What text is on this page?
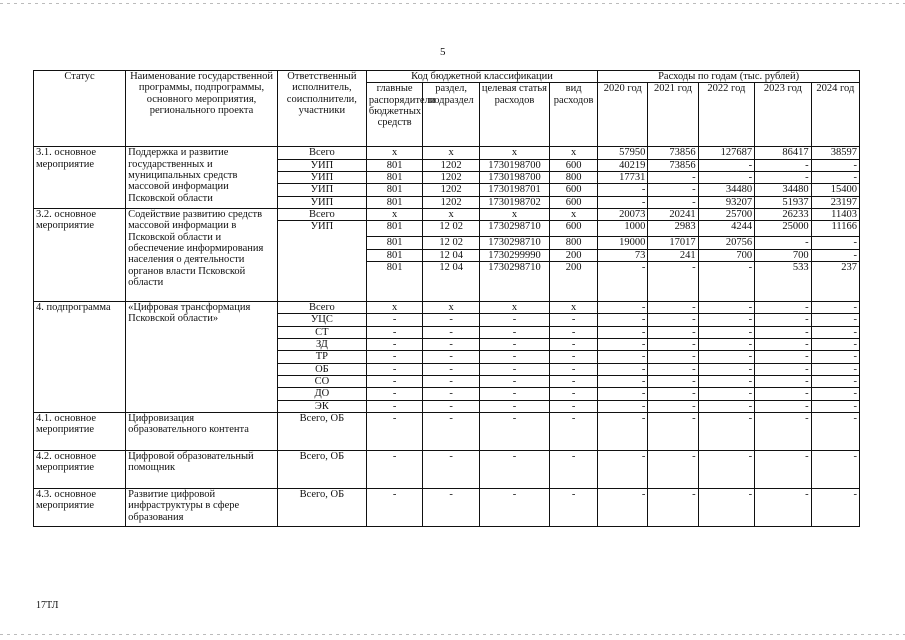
5
Статус	Наименование государственной программы, подпрограммы, основного мероприятия, регионального проекта	Ответственный исполнитель, соисполнители, участники	Код бюджетной классификации				Расходы по годам (тыс. рублей)				
			главные распорядители бюджетных средств	раздел, подраздел	целевая статья расходов	вид расходов	2020 год	2021 год	2022 год	2023 год	2024 год
3.1. основное мероприятие	Поддержка и развитие государственных и муниципальных средств массовой информации Псковской области	Всего	х	х	х	х	57950	73856	127687	86417	38597
		УИП	801	1202	1730198700	600	40219	73856	-	-	-
		УИП	801	1202	1730198700	800	17731	-	-	-	-
		УИП	801	1202	1730198701	600	-	-	34480	34480	15400
		УИП	801	1202	1730198702	600	-	-	93207	51937	23197
3.2. основное мероприятие	Содействие развитию средств массовой информации в Псковской области и обеспечение информирования населения о деятельности органов власти Псковской области	Всего	х	х	х	х	20073	20241	25700	26233	11403
		УИП	801	12 02	1730298710	600	1000	2983	4244	25000	11166
			801	12 02	1730298710	800	19000	17017	20756	-	-
			801	12 04	1730299990	200	73	241	700	700	-
			801	12 04	1730298710	200	-	-	-	533	237
4. подпрограмма	«Цифровая трансформация Псковской области»	Всего	х	х	х	х	-	-	-	-	-
		УЦС	-	-	-	-	-	-	-	-	-
		СТ	-	-	-	-	-	-	-	-	-
		ЗД	-	-	-	-	-	-	-	-	-
		ТР	-	-	-	-	-	-	-	-	-
		ОБ	-	-	-	-	-	-	-	-	-
		СО	-	-	-	-	-	-	-	-	-
		ДО	-	-	-	-	-	-	-	-	-
		ЭК	-	-	-	-	-	-	-	-	-
4.1. основное мероприятие	Цифровизация образовательного контента	Всего, ОБ	-	-	-	-	-	-	-	-	-
4.2. основное мероприятие	Цифровой образовательный помощник	Всего, ОБ	-	-	-	-	-	-	-	-	-
4.3. основное мероприятие	Развитие цифровой инфраструктуры в сфере образования	Всего, ОБ	-	-	-	-	-	-	-	-	-
17ТЛ
